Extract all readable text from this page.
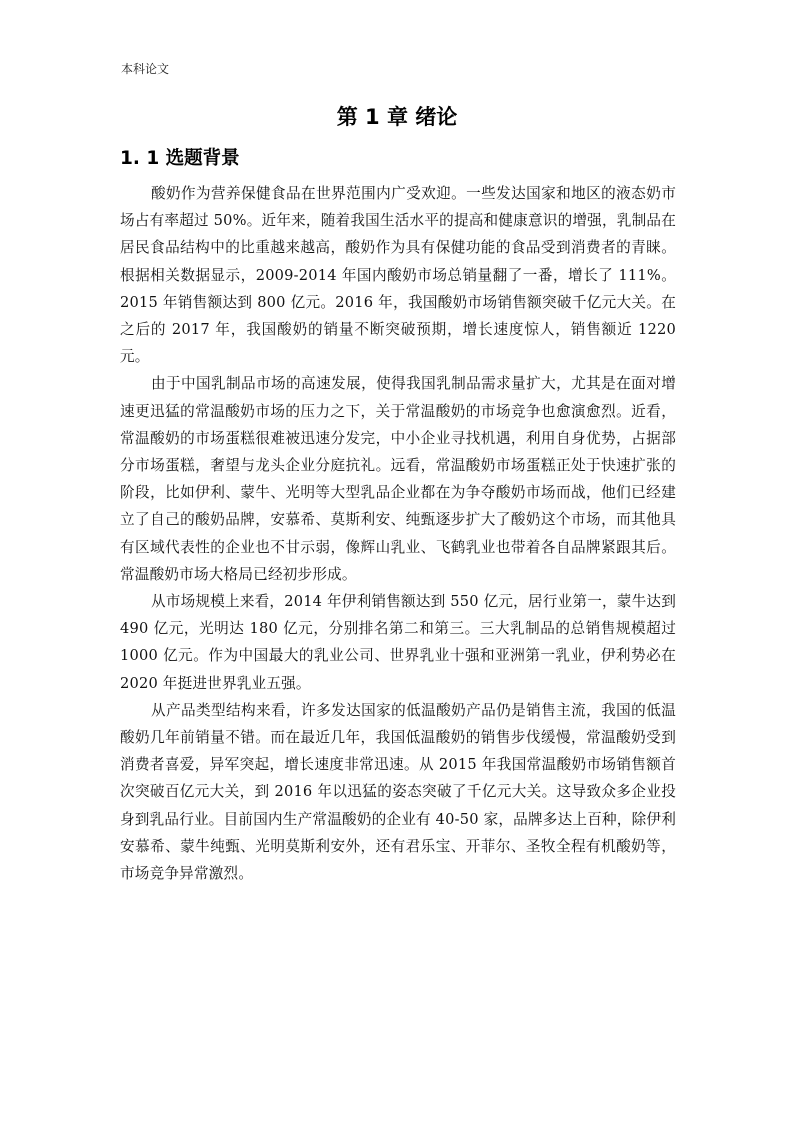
本科论文
第 1 章 绪论
1. 1 选题背景

酸奶作为营养保健食品在世界范围内广受欢迎。一些发达国家和地区的液态奶市场占有率超过 50%。近年来，随着我国生活水平的提高和健康意识的增强，乳制品在居民食品结构中的比重越来越高，酸奶作为具有保健功能的食品受到消费者的青睐。根据相关数据显示，2009-2014 年国内酸奶市场总销量翻了一番，增长了 111%。2015 年销售额达到 800 亿元。2016 年，我国酸奶市场销售额突破千亿元大关。在之后的 2017 年，我国酸奶的销量不断突破预期，增长速度惊人，销售额近 1220 元。

由于中国乳制品市场的高速发展，使得我国乳制品需求量扩大，尤其是在面对增速更迅猛的常温酸奶市场的压力之下，关于常温酸奶的市场竞争也愈演愈烈。近看，常温酸奶的市场蛋糕很难被迅速分发完，中小企业寻找机遇，利用自身优势，占据部分市场蛋糕，奢望与龙头企业分庭抗礼。远看，常温酸奶市场蛋糕正处于快速扩张的阶段，比如伊利、蒙牛、光明等大型乳品企业都在为争夺酸奶市场而战，他们已经建立了自己的酸奶品牌，安慕希、莫斯利安、纯甄逐步扩大了酸奶这个市场，而其他具有区域代表性的企业也不甘示弱，像辉山乳业、飞鹤乳业也带着各自品牌紧跟其后。常温酸奶市场大格局已经初步形成。

从市场规模上来看，2014 年伊利销售额达到 550 亿元，居行业第一，蒙牛达到 490 亿元，光明达 180 亿元，分别排名第二和第三。三大乳制品的总销售规模超过 1000 亿元。作为中国最大的乳业公司、世界乳业十强和亚洲第一乳业，伊利势必在 2020 年挺进世界乳业五强。

从产品类型结构来看，许多发达国家的低温酸奶产品仍是销售主流，我国的低温酸奶几年前销量不错。而在最近几年，我国低温酸奶的销售步伐缓慢，常温酸奶受到消费者喜爱，异军突起，增长速度非常迅速。从 2015 年我国常温酸奶市场销售额首次突破百亿元大关，到 2016 年以迅猛的姿态突破了千亿元大关。这导致众多企业投身到乳品行业。目前国内生产常温酸奶的企业有 40-50 家，品牌多达上百种，除伊利安慕希、蒙牛纯甄、光明莫斯利安外，还有君乐宝、开菲尔、圣牧全程有机酸奶等，市场竞争异常激烈。
